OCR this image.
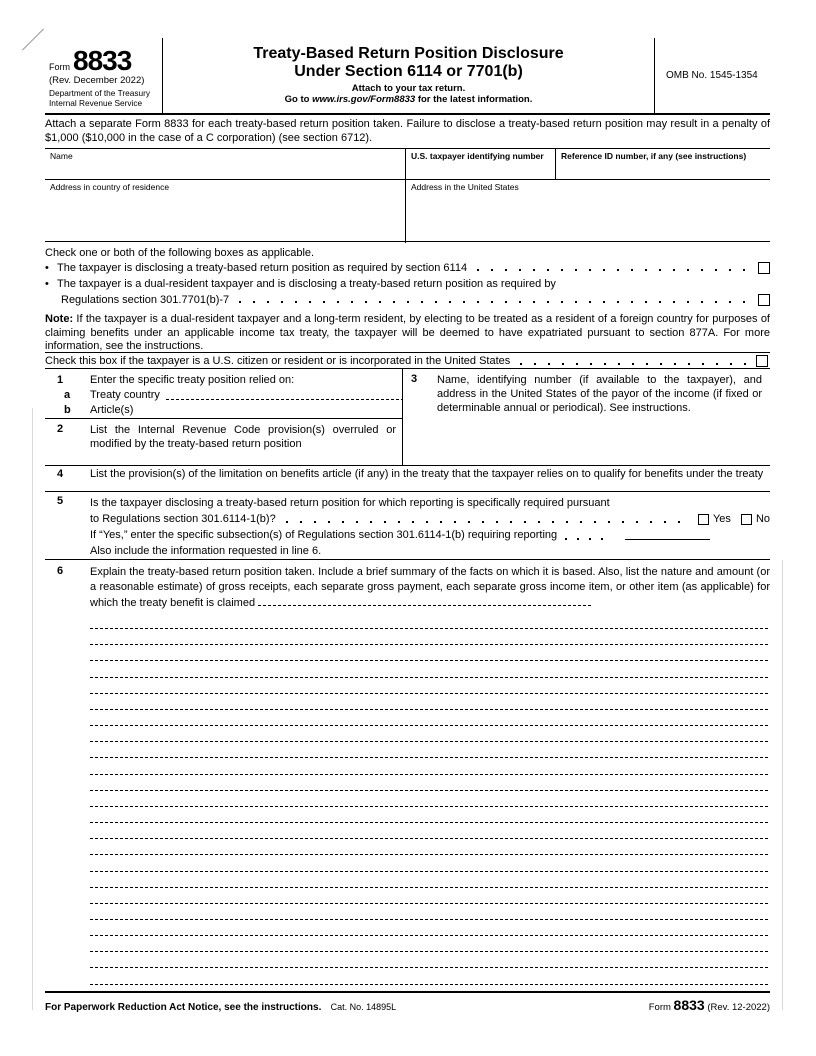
Form 8833
(Rev. December 2022)
Department of the Treasury
Internal Revenue Service
Treaty-Based Return Position Disclosure
Under Section 6114 or 7701(b)
Attach to your tax return.
Go to www.irs.gov/Form8833 for the latest information.
OMB No. 1545-1354
Attach a separate Form 8833 for each treaty-based return position taken. Failure to disclose a treaty-based return position may result in a penalty of $1,000 ($10,000 in the case of a C corporation) (see section 6712).
Name	U.S. taxpayer identifying number	Reference ID number, if any (see instructions)
Address in country of residence	Address in the United States
Check one or both of the following boxes as applicable.
• The taxpayer is disclosing a treaty-based return position as required by section 6114
• The taxpayer is a dual-resident taxpayer and is disclosing a treaty-based return position as required by
Regulations section 301.7701(b)-7
Note: If the taxpayer is a dual-resident taxpayer and a long-term resident, by electing to be treated as a resident of a foreign country for purposes of claiming benefits under an applicable income tax treaty, the taxpayer will be deemed to have expatriated pursuant to section 877A. For more information, see the instructions.
Check this box if the taxpayer is a U.S. citizen or resident or is incorporated in the United States
1	Enter the specific treaty position relied on:
a	Treaty country
b	Article(s)
2	List the Internal Revenue Code provision(s) overruled or modified by the treaty-based return position
3	Name, identifying number (if available to the taxpayer), and address in the United States of the payor of the income (if fixed or determinable annual or periodical). See instructions.
4	List the provision(s) of the limitation on benefits article (if any) in the treaty that the taxpayer relies on to qualify for benefits under the treaty
5	Is the taxpayer disclosing a treaty-based return position for which reporting is specifically required pursuant
to Regulations section 301.6114-1(b)?	Yes No
If “Yes,” enter the specific subsection(s) of Regulations section 301.6114-1(b) requiring reporting
Also include the information requested in line 6.
6	Explain the treaty-based return position taken. Include a brief summary of the facts on which it is based. Also, list the nature and amount (or a reasonable estimate) of gross receipts, each separate gross payment, each separate gross income item, or other item (as applicable) for which the treaty benefit is claimed
For Paperwork Reduction Act Notice, see the instructions.	Cat. No. 14895L	Form 8833 (Rev. 12-2022)
